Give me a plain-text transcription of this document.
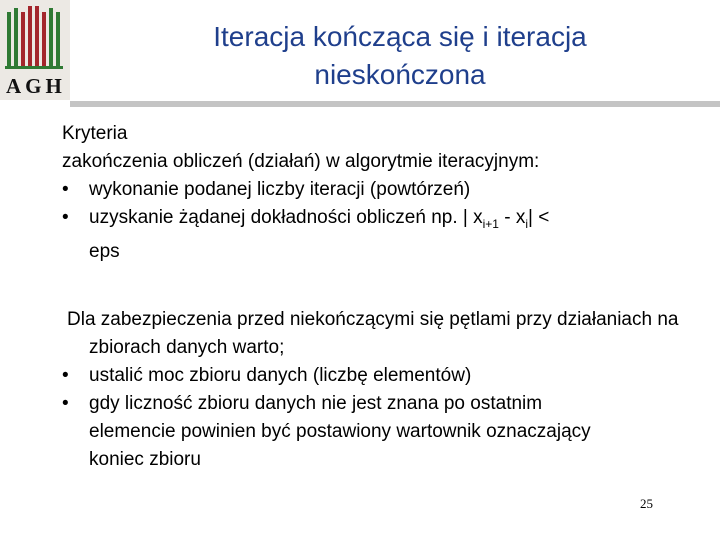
AGH
Iteracja kończąca się i iteracja
nieskończona
Kryteria
zakończenia obliczeń (działań) w algorytmie iteracyjnym:
• wykonanie podanej liczby iteracji (powtórzeń)
• uzyskanie żądanej dokładności obliczeń np. | $x_{i+1} - x_i|$ <
eps
Dla zabezpieczenia przed niekończącymi się pętlami przy działaniach na zbiorach danych warto;
• ustalić moc zbioru danych (liczbę elementów)
• gdy liczność zbioru danych nie jest znana po ostatnim elemencie powinien być postawiony wartownik oznaczający koniec zbioru
25
